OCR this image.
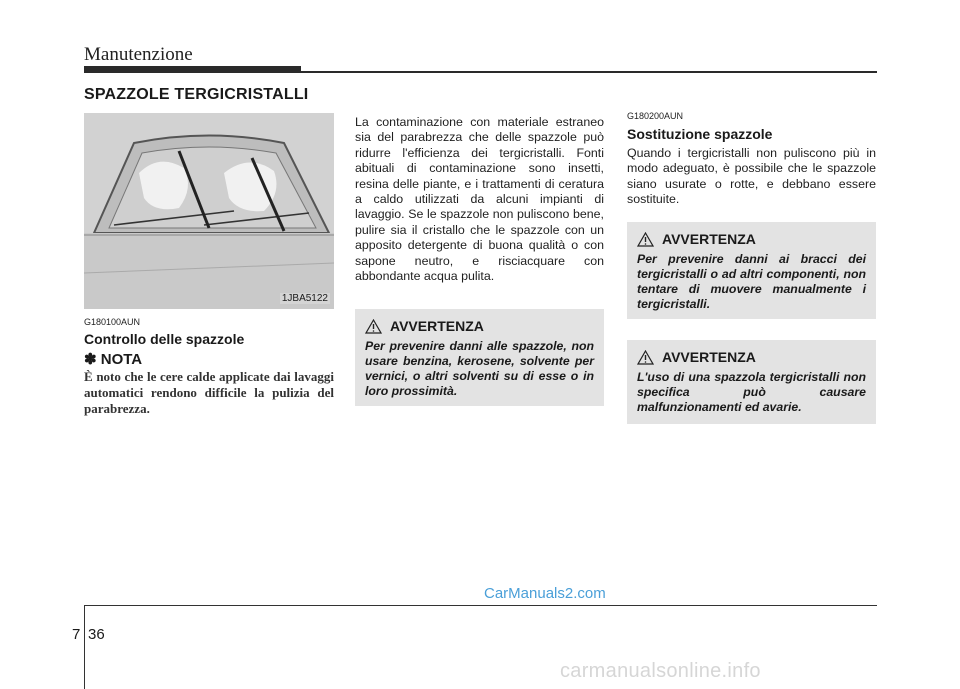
Manutenzione
SPAZZOLE TERGICRISTALLI
1JBA5122
G180100AUN
Controllo delle spazzole
✽ NOTA
È noto che le cere calde applicate dai lavaggi automatici rendono difficile la pulizia del parabrezza.
La contaminazione con materiale estraneo sia del parabrezza che delle spazzole può ridurre l'efficienza dei tergicristalli. Fonti abituali di contaminazione sono insetti, resina delle piante, e i trattamenti di ceratura a caldo utilizzati da alcuni impianti di lavaggio. Se le spazzole non puliscono bene, pulire sia il cristallo che le spazzole con un apposito detergente di buona qualità o con sapone neutro, e risciacquare con abbondante acqua pulita.
AVVERTENZA
Per prevenire danni alle spazzole, non usare benzina, kerosene, solvente per vernici, o altri solventi su di esse o in loro prossimità.
G180200AUN
Sostituzione spazzole
Quando i tergicristalli non puliscono più in modo adeguato, è possibile che le spazzole siano usurate o rotte, e debbano essere sostituite.
AVVERTENZA
Per prevenire danni ai bracci dei tergicristalli o ad altri componenti, non tentare di muovere manualmente i tergicristalli.
AVVERTENZA
L'uso di una spazzola tergicristalli non specifica può causare malfunzionamenti ed avarie.
CarManuals2.com
7 36
carmanualsonline.info
